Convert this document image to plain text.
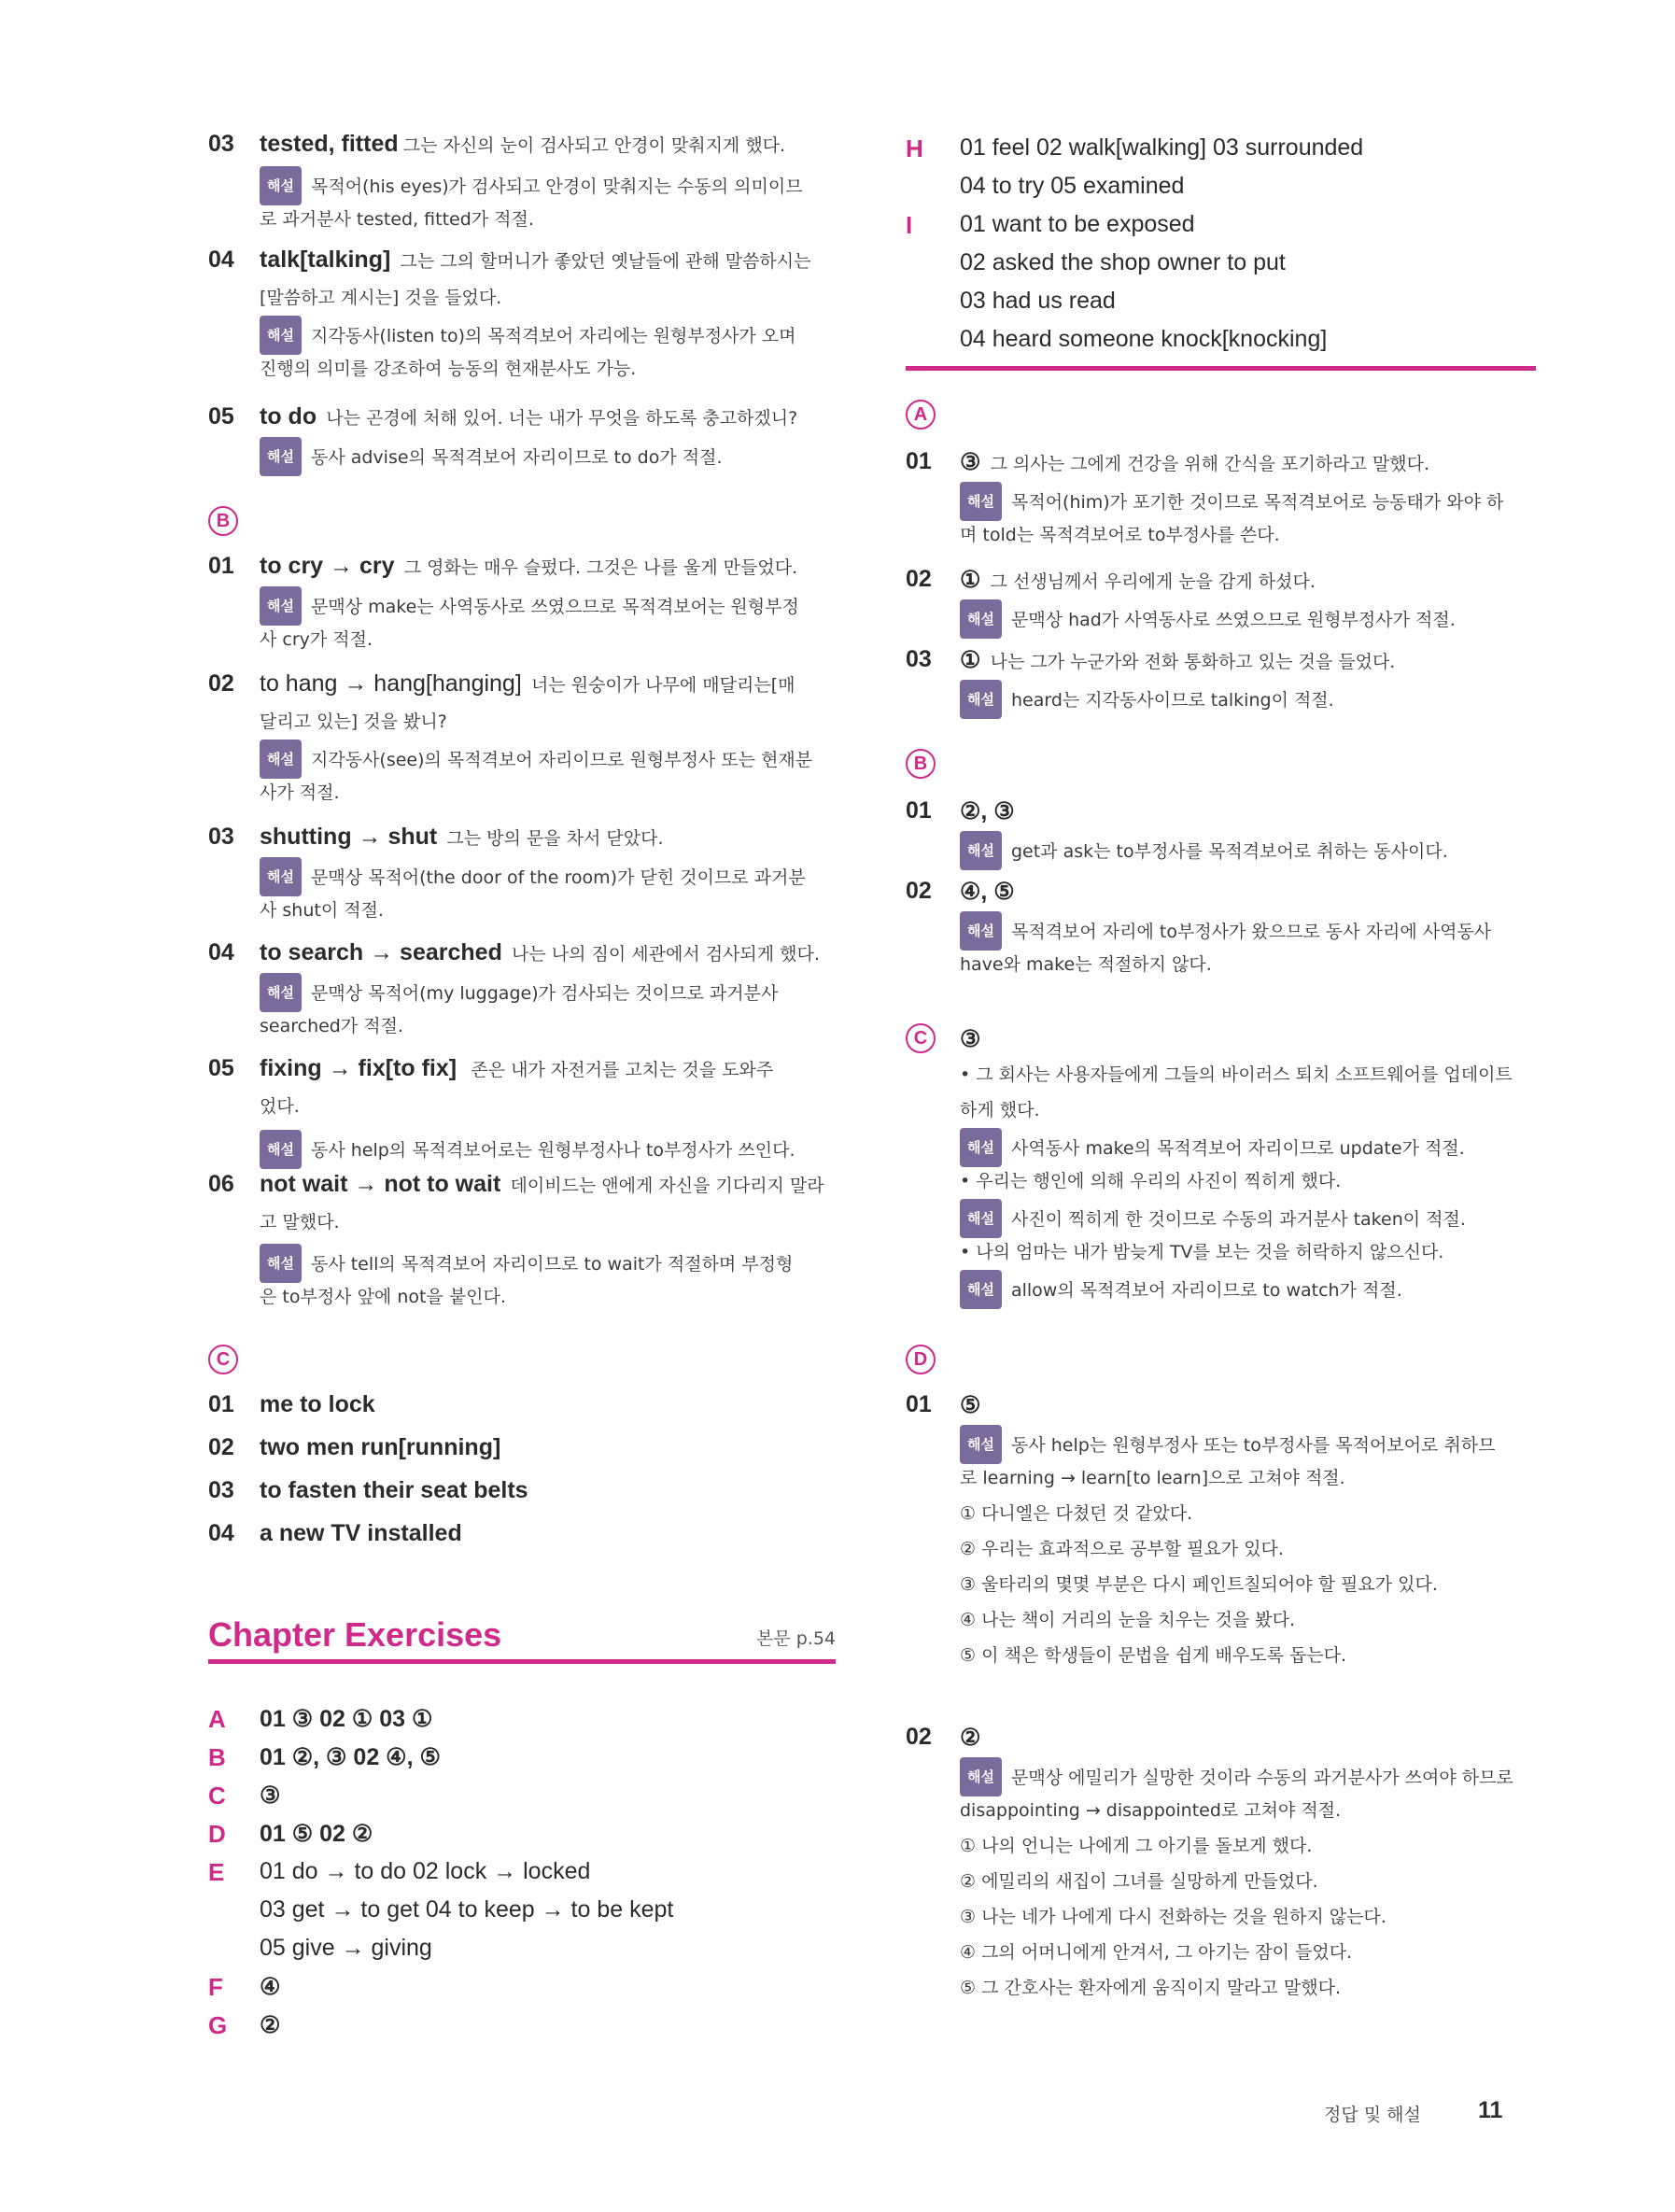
03 tested, fitted 그는 자신의 눈이 검사되고 안경이 맞춰지게 했다.
해설 목적어(his eyes)가 검사되고 안경이 맞춰지는 수동의 의미이므
로 과거분사 tested, fitted가 적절.
04 talk[talking] 그는 그의 할머니가 좋았던 옛날들에 관해 말씀하시는
[말씀하고 계시는] 것을 들었다.
해설 지각동사(listen to)의 목적격보어 자리에는 원형부정사가 오며
진행의 의미를 강조하여 능동의 현재분사도 가능.
05 to do 나는 곤경에 처해 있어. 너는 내가 무엇을 하도록 충고하겠니?
해설 동사 advise의 목적격보어 자리이므로 to do가 적절.
B
01 to cry → cry 그 영화는 매우 슬펐다. 그것은 나를 울게 만들었다.
해설 문맥상 make는 사역동사로 쓰였으므로 목적격보어는 원형부정
사 cry가 적절.
02 to hang → hang[hanging] 너는 원숭이가 나무에 매달리는[매
달리고 있는] 것을 봤니?
해설 지각동사(see)의 목적격보어 자리이므로 원형부정사 또는 현재분
사가 적절.
03 shutting → shut 그는 방의 문을 차서 닫았다.
해설 문맥상 목적어(the door of the room)가 닫힌 것이므로 과거분
사 shut이 적절.
04 to search → searched 나는 나의 짐이 세관에서 검사되게 했다.
해설 문맥상 목적어(my luggage)가 검사되는 것이므로 과거분사
searched가 적절.
05 fixing → fix[to fix] 존은 내가 자전거를 고치는 것을 도와주
었다.
해설 동사 help의 목적격보어로는 원형부정사나 to부정사가 쓰인다.
06 not wait → not to wait 데이비드는 앤에게 자신을 기다리지 말라
고 말했다.
해설 동사 tell의 목적격보어 자리이므로 to wait가 적절하며 부정형
은 to부정사 앞에 not을 붙인다.
C
01 me to lock
02 two men run[running]
03 to fasten their seat belts
04 a new TV installed
Chapter Exercises	본문 p.54
A 01 ③ 02 ① 03 ①
B 01 ②, ③ 02 ④, ⑤
C ③
D 01 ⑤ 02 ②
E 01 do → to do 02 lock → locked
03 get → to get 04 to keep → to be kept
05 give → giving
F ④
G ②
H 01 feel 02 walk[walking] 03 surrounded
04 to try 05 examined
I 01 want to be exposed
02 asked the shop owner to put
03 had us read
04 heard someone knock[knocking]
A
01 ③ 그 의사는 그에게 건강을 위해 간식을 포기하라고 말했다.
해설 목적어(him)가 포기한 것이므로 목적격보어로 능동태가 와야 하
며 told는 목적격보어로 to부정사를 쓴다.
02 ① 그 선생님께서 우리에게 눈을 감게 하셨다.
해설 문맥상 had가 사역동사로 쓰였으므로 원형부정사가 적절.
03 ① 나는 그가 누군가와 전화 통화하고 있는 것을 들었다.
해설 heard는 지각동사이므로 talking이 적절.
B
01 ②, ③
해설 get과 ask는 to부정사를 목적격보어로 취하는 동사이다.
02 ④, ⑤
해설 목적격보어 자리에 to부정사가 왔으므로 동사 자리에 사역동사
have와 make는 적절하지 않다.
C	③
• 그 회사는 사용자들에게 그들의 바이러스 퇴치 소프트웨어를 업데이트
하게 했다.
해설 사역동사 make의 목적격보어 자리이므로 update가 적절.
• 우리는 행인에 의해 우리의 사진이 찍히게 했다.
해설 사진이 찍히게 한 것이므로 수동의 과거분사 taken이 적절.
• 나의 엄마는 내가 밤늦게 TV를 보는 것을 허락하지 않으신다.
해설 allow의 목적격보어 자리이므로 to watch가 적절.
D
01 ⑤
해설 동사 help는 원형부정사 또는 to부정사를 목적어보어로 취하므
로 learning → learn[to learn]으로 고쳐야 적절.
① 다니엘은 다쳤던 것 같았다.
② 우리는 효과적으로 공부할 필요가 있다.
③ 울타리의 몇몇 부분은 다시 페인트칠되어야 할 필요가 있다.
④ 나는 책이 거리의 눈을 치우는 것을 봤다.
⑤ 이 책은 학생들이 문법을 쉽게 배우도록 돕는다.
02 ②
해설 문맥상 에밀리가 실망한 것이라 수동의 과거분사가 쓰여야 하므로
disappointing → disappointed로 고쳐야 적절.
① 나의 언니는 나에게 그 아기를 돌보게 했다.
② 에밀리의 새집이 그녀를 실망하게 만들었다.
③ 나는 네가 나에게 다시 전화하는 것을 원하지 않는다.
④ 그의 어머니에게 안겨서, 그 아기는 잠이 들었다.
⑤ 그 간호사는 환자에게 움직이지 말라고 말했다.
정답 및 해설 11
